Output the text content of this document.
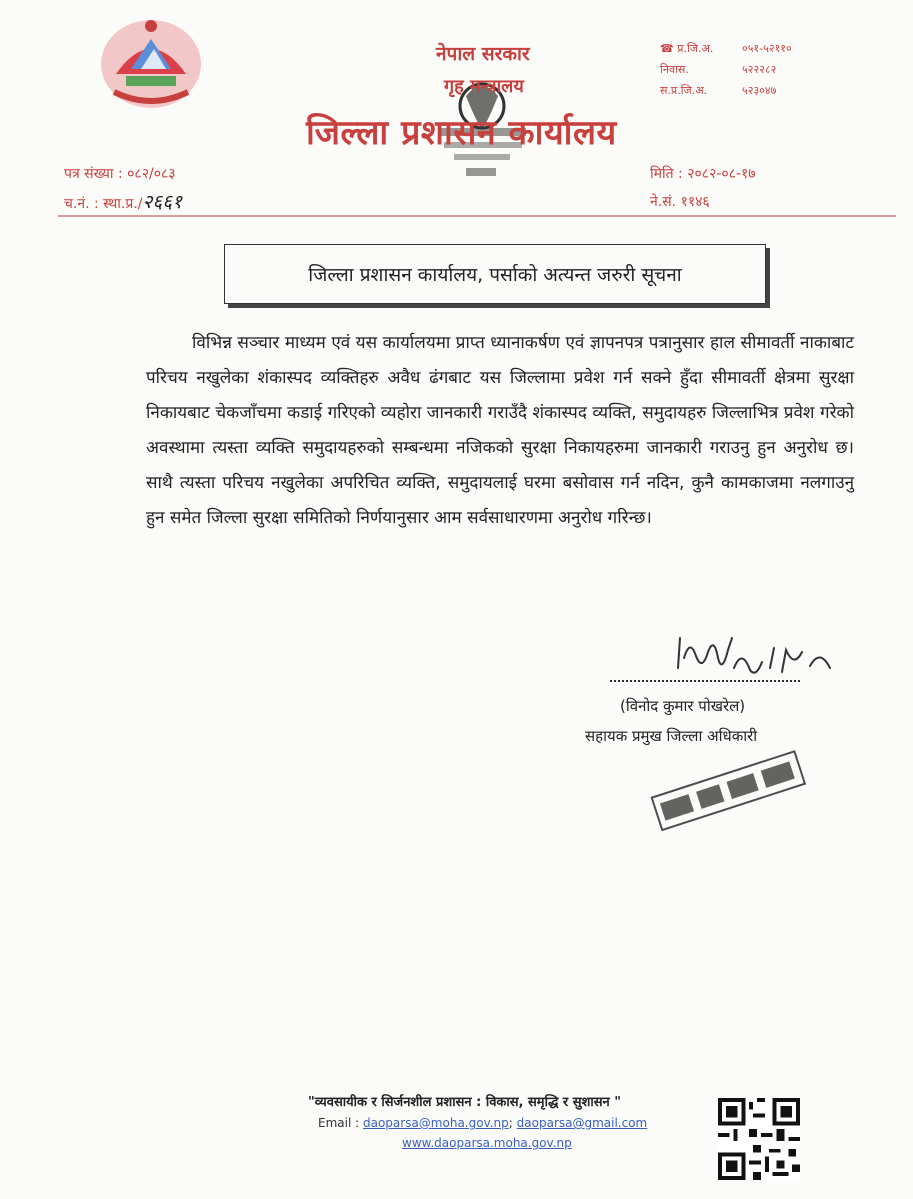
नेपाल सरकार
गृह मन्त्रालय
जिल्ला प्रशासन कार्यालय
☎ प्र.जि.अ.	०५१-५२११०
निवास.	५२२२८२
स.प्र.जि.अ.	५२३०४७
पत्र संख्या : ०८२/०८३
च.नं. : स्था.प्र./२६६१
मिति : २०८२-०८-१७
ने.सं. ११४६
जिल्ला प्रशासन कार्यालय, पर्साको अत्यन्त जरुरी सूचना
विभिन्न सञ्चार माध्यम एवं यस कार्यालयमा प्राप्त ध्यानाकर्षण एवं ज्ञापनपत्र पत्रानुसार हाल सीमावर्ती नाकाबाट परिचय नखुलेका शंकास्पद व्यक्तिहरु अवैध ढंगबाट यस जिल्लामा प्रवेश गर्न सक्ने हुँदा सीमावर्ती क्षेत्रमा सुरक्षा निकायबाट चेकजाँचमा कडाई गरिएको व्यहोरा जानकारी गराउँदै शंकास्पद व्यक्ति, समुदायहरु जिल्लाभित्र प्रवेश गरेको अवस्थामा त्यस्ता व्यक्ति समुदायहरुको सम्बन्धमा नजिकको सुरक्षा निकायहरुमा जानकारी गराउनु हुन अनुरोध छ। साथै त्यस्ता परिचय नखुलेका अपरिचित व्यक्ति, समुदायलाई घरमा बसोवास गर्न नदिन, कुनै कामकाजमा नलगाउनु हुन समेत जिल्ला सुरक्षा समितिको निर्णयानुसार आम सर्वसाधारणमा अनुरोध गरिन्छ।
(विनोद कुमार पोखरेल)
सहायक प्रमुख जिल्ला अधिकारी
"व्यवसायीक र सिर्जनशील प्रशासन : विकास, समृद्धि र सुशासन "
Email : daoparsa@moha.gov.np; daoparsa@gmail.com
www.daoparsa.moha.gov.np
